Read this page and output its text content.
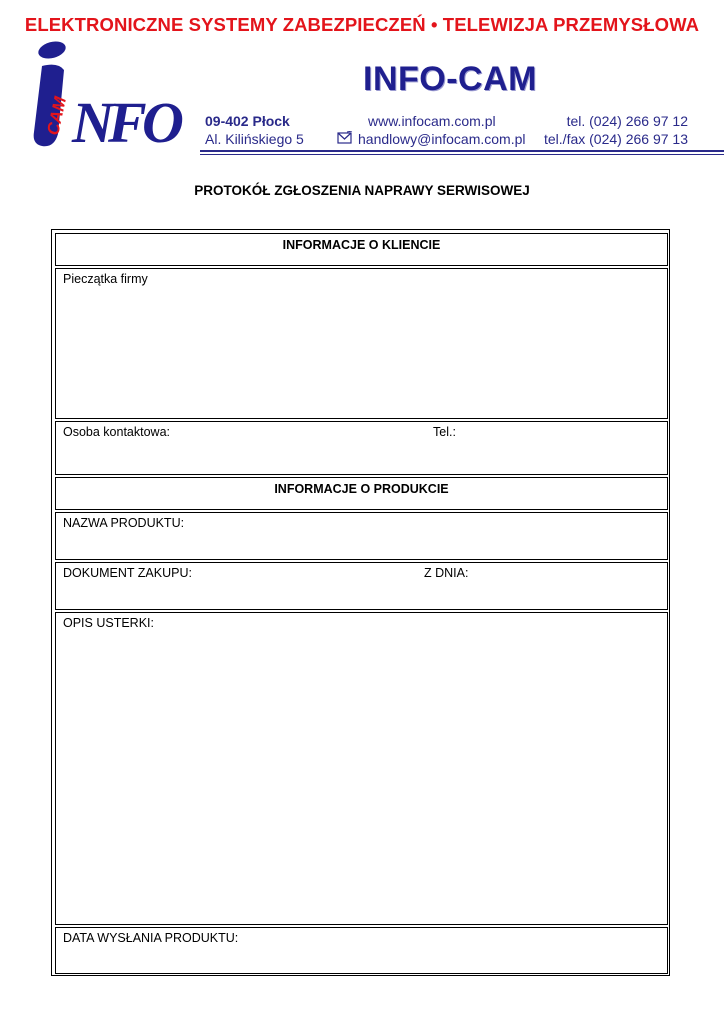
ELEKTRONICZNE SYSTEMY ZABEZPIECZEŃ • TELEWIZJA PRZEMYSŁOWA
CAM N
F
O
INFO-CAM
09-402 Płock
Al. Kilińskiego 5
www.infocam.com.pl
handlowy@infocam.com.pl
tel. (024) 266 97 12
tel./fax (024) 266 97 13
PROTOKÓŁ ZGŁOSZENIA NAPRAWY SERWISOWEJ
INFORMACJE O KLIENCIE
Pieczątka firmy
Osoba kontaktowa:	Tel.:
INFORMACJE O PRODUKCIE
NAZWA PRODUKTU:
DOKUMENT ZAKUPU:	Z DNIA:
OPIS USTERKI:
DATA WYSŁANIA PRODUKTU:
